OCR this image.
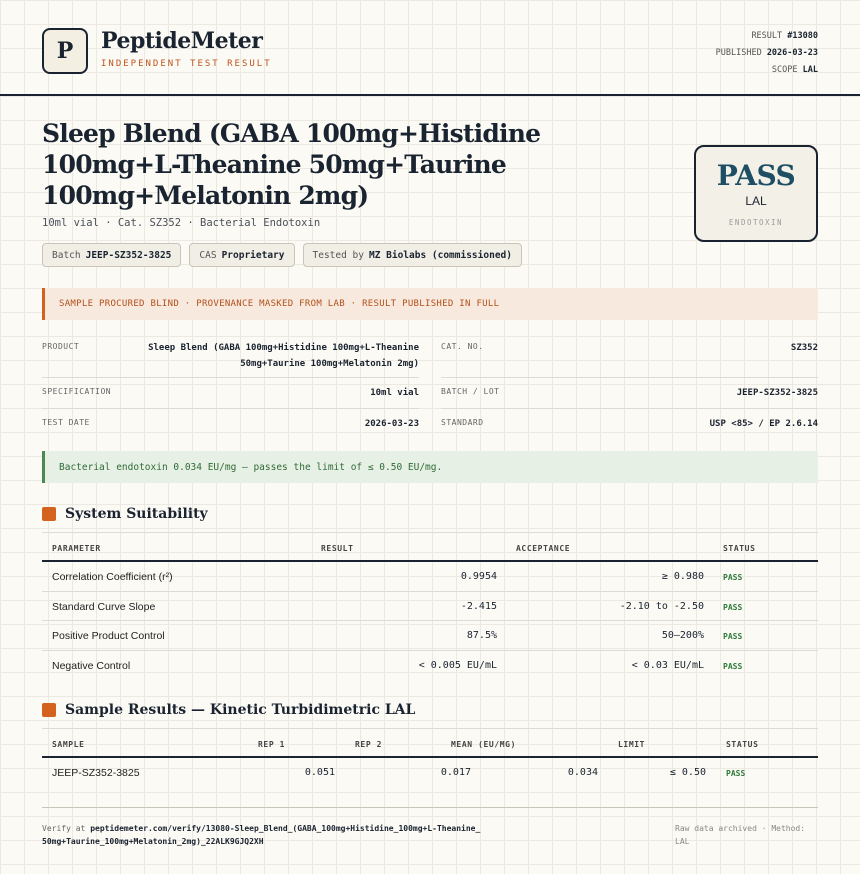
P PeptideMeter
INDEPENDENT TEST RESULT
RESULT #13080
PUBLISHED 2026-03-23
SCOPE LAL
Sleep Blend (GABA 100mg+Histidine 100mg+L-Theanine 50mg+Taurine 100mg+Melatonin 2mg)
10ml vial · Cat. SZ352 · Bacterial Endotoxin
Batch JEEP-SZ352-3825	CAS Proprietary	Tested by MZ Biolabs (commissioned)
PASS
LAL
ENDOTOXIN
SAMPLE PROCURED BLIND · PROVENANCE MASKED FROM LAB · RESULT PUBLISHED IN FULL
PRODUCT	Sleep Blend (GABA 100mg+Histidine 100mg+L-Theanine 50mg+Taurine 100mg+Melatonin 2mg)
CAT. NO.	SZ352
SPECIFICATION	10ml vial	BATCH / LOT	JEEP-SZ352-3825
TEST DATE	2026-03-23	STANDARD	USP <85> / EP 2.6.14
Bacterial endotoxin 0.034 EU/mg — passes the limit of ≤ 0.50 EU/mg.
System Suitability
PARAMETER	RESULT	ACCEPTANCE	STATUS
Correlation Coefficient (r²)	0.9954	≥ 0.980 PASS
Standard Curve Slope	-2.415	-2.10 to -2.50 PASS
Positive Product Control	87.5%	50–200% PASS
Negative Control	< 0.005 EU/mL	< 0.03 EU/mL PASS
Sample Results — Kinetic Turbidimetric LAL
SAMPLE	REP 1	REP 2	MEAN (EU/MG)	LIMIT	STATUS
JEEP-SZ352-3825	0.051	0.017	0.034	≤ 0.50	PASS
Verify at peptidemeter.com/verify/13080-Sleep_Blend_(GABA_100mg+Histidine_100mg+L-Theanine_50mg+Taurine_100mg+Melatonin_2mg)_22ALK9GJQ2XH
Raw data archived · Method: LAL
